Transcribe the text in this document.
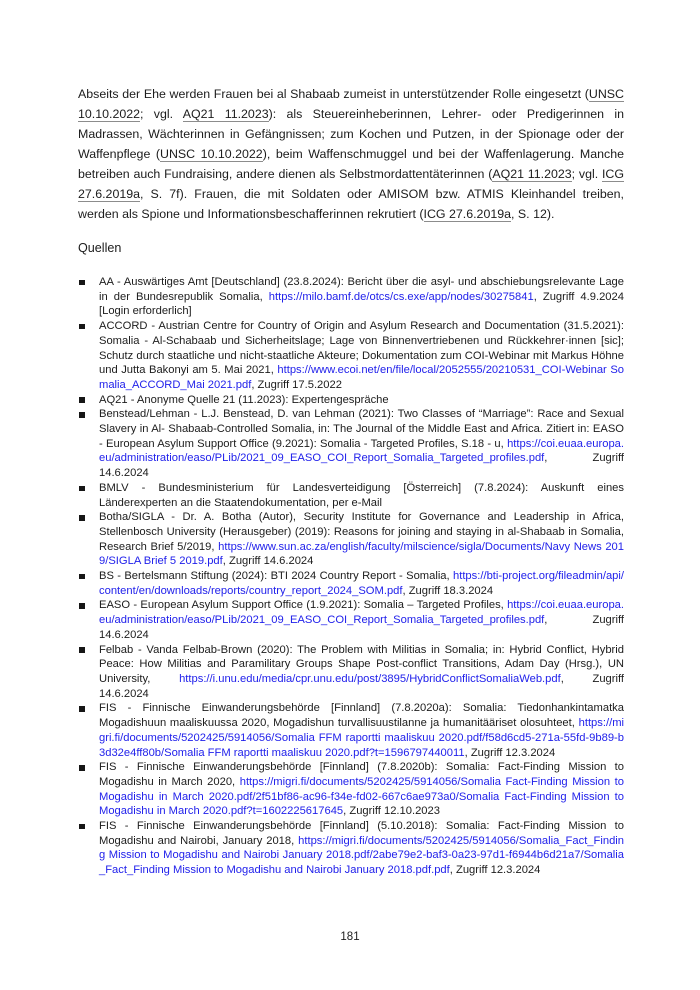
Abseits der Ehe werden Frauen bei al Shabaab zumeist in unterstützender Rolle eingesetzt (UNSC 10.10.2022; vgl. AQ21 11.2023): als Steuereinheberinnen, Lehrer- oder Predigerinnen in Madrassen, Wächterinnen in Gefängnissen; zum Kochen und Putzen, in der Spionage oder der Waffenpflege (UNSC 10.10.2022), beim Waffenschmuggel und bei der Waffenlagerung. Manche betreiben auch Fundraising, andere dienen als Selbstmordattentäterinnen (AQ21 11.2023; vgl. ICG 27.6.2019a, S. 7f). Frauen, die mit Soldaten oder AMISOM bzw. ATMIS Kleinhandel treiben, werden als Spione und Informationsbeschafferinnen rekrutiert (ICG 27.6.2019a, S. 12).

Quellen
AA - Auswärtiges Amt [Deutschland] (23.8.2024): Bericht über die asyl- und abschiebungsrelevante Lage in der Bundesrepublik Somalia, https://milo.bamf.de/otcs/cs.exe/app/nodes/30275841, Zugriff 4.9.2024 [Login erforderlich]
ACCORD - Austrian Centre for Country of Origin and Asylum Research and Documentation (31.5.2021): Somalia - Al-Schabaab und Sicherheitslage; Lage von Binnenvertriebenen und Rückkehrer·innen [sic]; Schutz durch staatliche und nicht-staatliche Akteure; Dokumentation zum COI-Webinar mit Markus Höhne und Jutta Bakonyi am 5. Mai 2021, https://www.ecoi.net/en/file/local/2052555/20210531_COI-Webinar Somalia_ACCORD_Mai 2021.pdf, Zugriff 17.5.2022
AQ21 - Anonyme Quelle 21 (11.2023): Expertengespräche
Benstead/Lehman - L.J. Benstead, D. van Lehman (2021): Two Classes of “Marriage”: Race and Sexual Slavery in Al- Shabaab-Controlled Somalia, in: The Journal of the Middle East and Africa. Zitiert in: EASO - European Asylum Support Office (9.2021): Somalia - Targeted Profiles, S.18 - u, https://coi.euaa.europa.eu/administration/easo/PLib/2021_09_EASO_COI_Report_Somalia_Targeted_profiles.pdf, Zugriff 14.6.2024
BMLV - Bundesministerium für Landesverteidigung [Österreich] (7.8.2024): Auskunft eines Länderexperten an die Staatendokumentation, per e-Mail
Botha/SIGLA - Dr. A. Botha (Autor), Security Institute for Governance and Leadership in Africa, Stellenbosch University (Herausgeber) (2019): Reasons for joining and staying in al-Shabaab in Somalia, Research Brief 5/2019, https://www.sun.ac.za/english/faculty/milscience/sigla/Documents/Navy News 2019/SIGLA Brief 5 2019.pdf, Zugriff 14.6.2024
BS - Bertelsmann Stiftung (2024): BTI 2024 Country Report - Somalia, https://bti-project.org/fileadmin/api/content/en/downloads/reports/country_report_2024_SOM.pdf, Zugriff 18.3.2024
EASO - European Asylum Support Office (1.9.2021): Somalia – Targeted Profiles, https://coi.euaa.europa.eu/administration/easo/PLib/2021_09_EASO_COI_Report_Somalia_Targeted_profiles.pdf, Zugriff 14.6.2024
Felbab - Vanda Felbab-Brown (2020): The Problem with Militias in Somalia; in: Hybrid Conflict, Hybrid Peace: How Militias and Paramilitary Groups Shape Post-conflict Transitions, Adam Day (Hrsg.), UN University, https://i.unu.edu/media/cpr.unu.edu/post/3895/HybridConflictSomaliaWeb.pdf, Zugriff 14.6.2024
FIS - Finnische Einwanderungsbehörde [Finnland] (7.8.2020a): Somalia: Tiedonhankintamatka Mogadishuun maaliskuussa 2020, Mogadishun turvallisuustilanne ja humanitääriset olosuhteet, https://migri.fi/documents/5202425/5914056/Somalia FFM raportti maaliskuu 2020.pdf/f58d6cd5-271a-55fd-9b89-b3d32e4ff80b/Somalia FFM raportti maaliskuu 2020.pdf?t=1596797440011, Zugriff 12.3.2024
FIS - Finnische Einwanderungsbehörde [Finnland] (7.8.2020b): Somalia: Fact-Finding Mission to Mogadishu in March 2020, https://migri.fi/documents/5202425/5914056/Somalia Fact-Finding Mission to Mogadishu in March 2020.pdf/2f51bf86-ac96-f34e-fd02-667c6ae973a0/Somalia Fact-Finding Mission to Mogadishu in March 2020.pdf?t=1602225617645, Zugriff 12.10.2023
FIS - Finnische Einwanderungsbehörde [Finnland] (5.10.2018): Somalia: Fact-Finding Mission to Mogadishu and Nairobi, January 2018, https://migri.fi/documents/5202425/5914056/Somalia_Fact_Finding Mission to Mogadishu and Nairobi January 2018.pdf/2abe79e2-baf3-0a23-97d1-f6944b6d21a7/Somalia_Fact_Finding Mission to Mogadishu and Nairobi January 2018.pdf.pdf, Zugriff 12.3.2024
181
